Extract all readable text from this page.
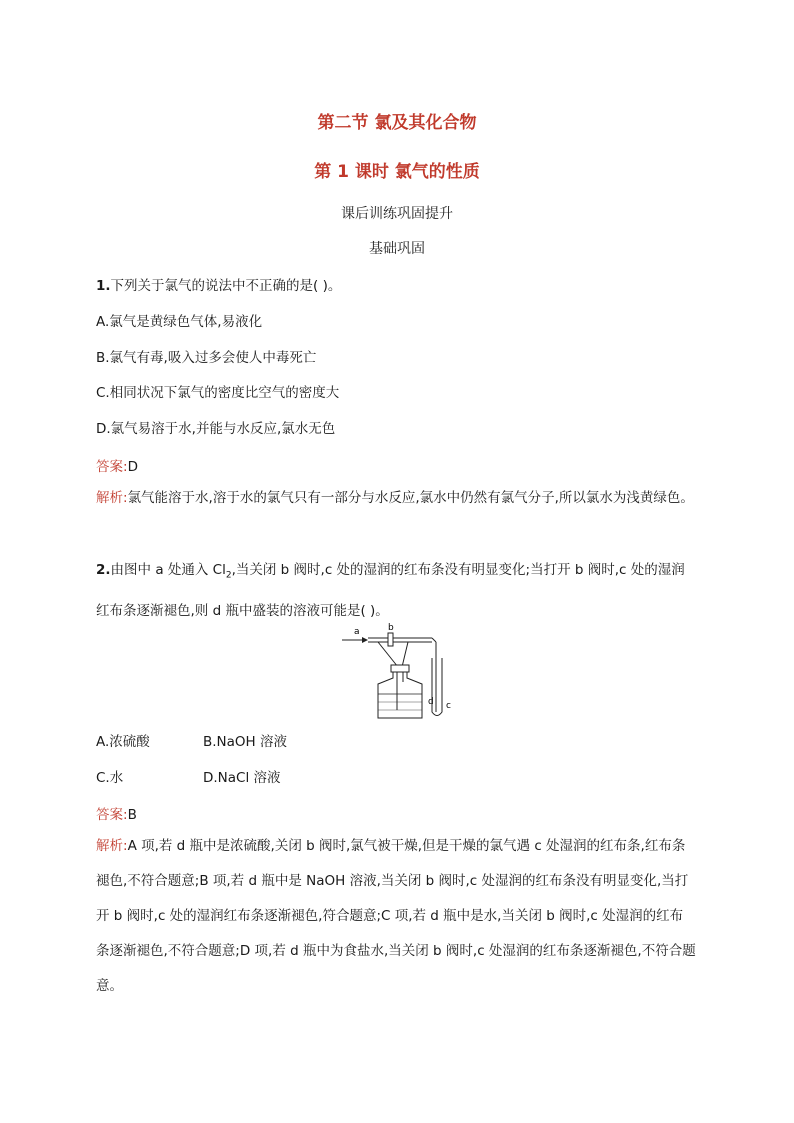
第二节 氯及其化合物
第 1 课时 氯气的性质
课后训练巩固提升
基础巩固
1.下列关于氯气的说法中不正确的是( )。
A.氯气是黄绿色气体,易液化
B.氯气有毒,吸入过多会使人中毒死亡
C.相同状况下氯气的密度比空气的密度大
D.氯气易溶于水,并能与水反应,氯水无色
答案:D
解析:氯气能溶于水,溶于水的氯气只有一部分与水反应,氯水中仍然有氯气分子,所以氯水为浅黄绿色。
2.由图中 a 处通入 $Cl_2$,当关闭 b 阀时,c 处的湿润的红布条没有明显变化;当打开 b 阀时,c 处的湿润红布条逐渐褪色,则 d 瓶中盛装的溶液可能是( )。
a	b
d c
A.浓硫酸	B.NaOH 溶液
C.水	D.NaCl 溶液
答案:B
解析:A 项,若 d 瓶中是浓硫酸,关闭 b 阀时,氯气被干燥,但是干燥的氯气遇 c 处湿润的红布条,红布条褪色,不符合题意;B 项,若 d 瓶中是 NaOH 溶液,当关闭 b 阀时,c 处湿润的红布条没有明显变化,当打开 b 阀时,c 处的湿润红布条逐渐褪色,符合题意;C 项,若 d 瓶中是水,当关闭 b 阀时,c 处湿润的红布条逐渐褪色,不符合题意;D 项,若 d 瓶中为食盐水,当关闭 b 阀时,c 处湿润的红布条逐渐褪色,不符合题意。
